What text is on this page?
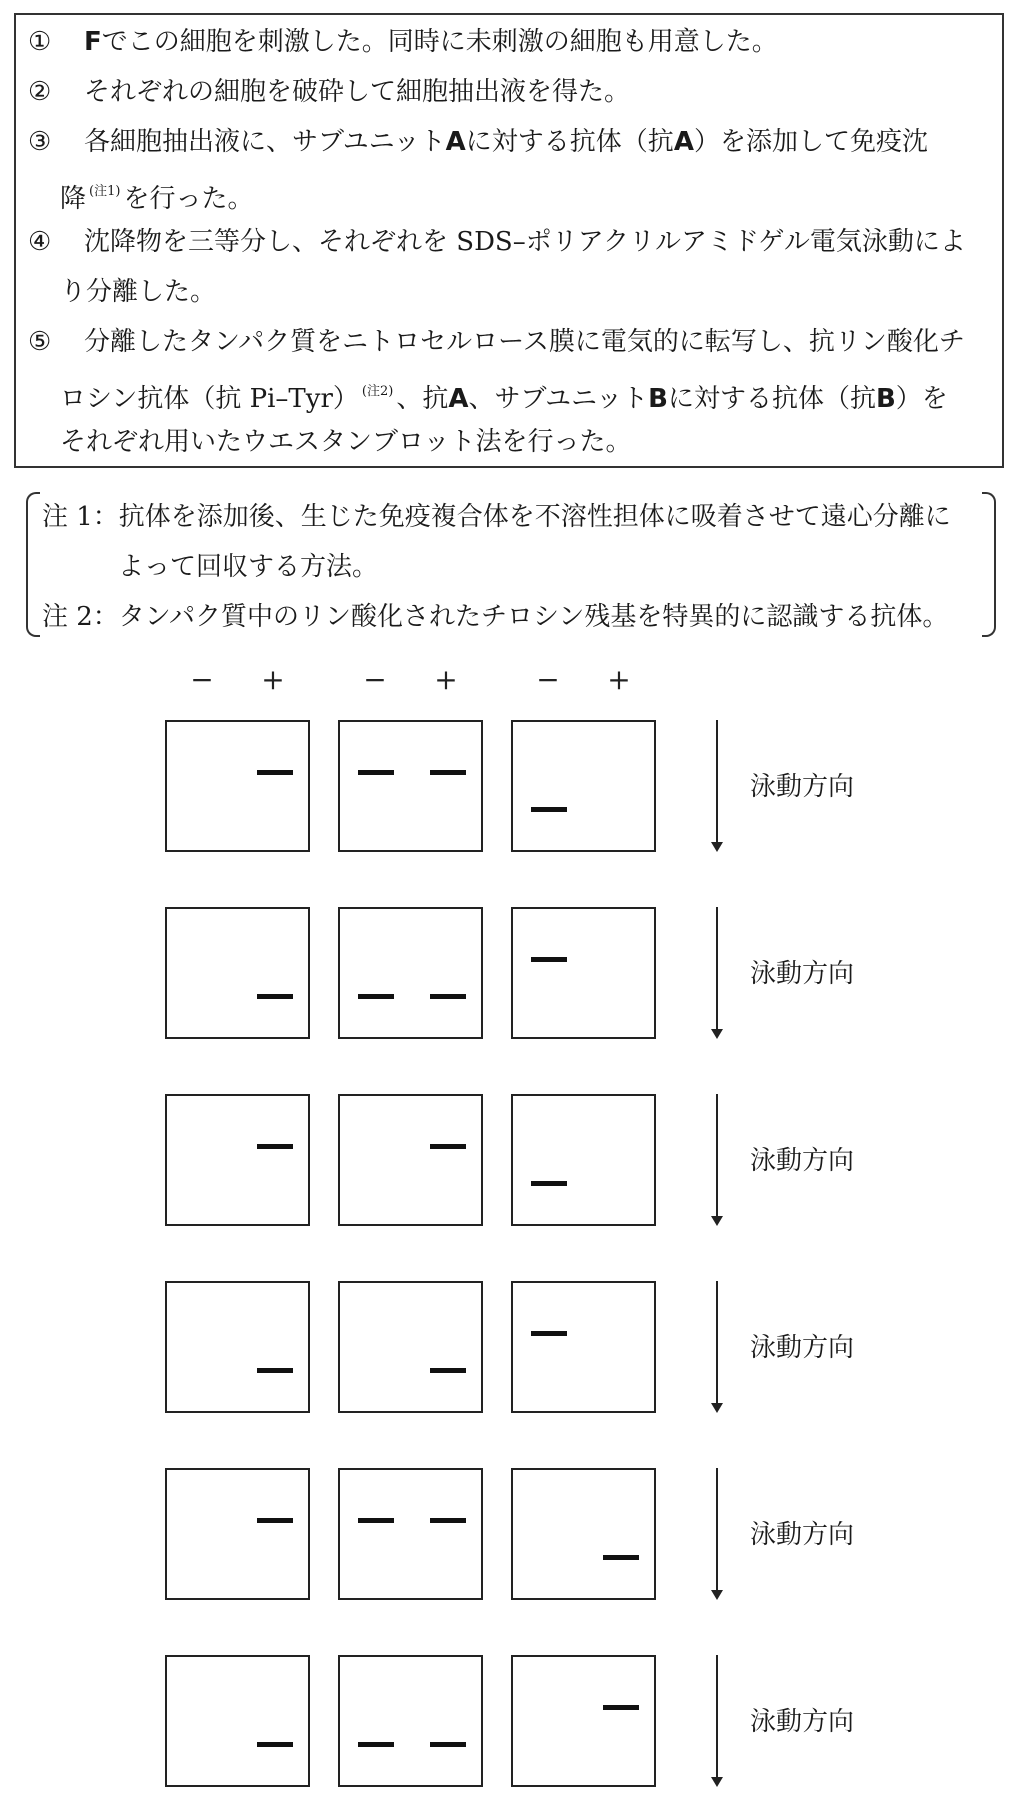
① Fでこの細胞を刺激した。同時に未刺激の細胞も用意した。
② それぞれの細胞を破砕して細胞抽出液を得た。
③ 各細胞抽出液に、サブユニットAに対する抗体（抗A）を添加して免疫沈
降 $^{(注1)}$ を行った。
④ 沈降物を三等分し、それぞれを SDS–ポリアクリルアミドゲル電気泳動によ
り分離した。
⑤ 分離したタンパク質をニトロセルロース膜に電気的に転写し、抗リン酸化チ
ロシン抗体（抗 Pi–Tyr） $^{(注2)}$ 、抗A、サブユニットBに対する抗体（抗B）を
それぞれ用いたウエスタンブロット法を行った。
注 1：抗体を添加後、生じた免疫複合体を不溶性担体に吸着させて遠心分離に
よって回収する方法。
注 2：タンパク質中のリン酸化されたチロシン残基を特異的に認識する抗体。
− +	− +	− +
泳動方向
泳動方向
泳動方向
泳動方向
泳動方向
泳動方向
